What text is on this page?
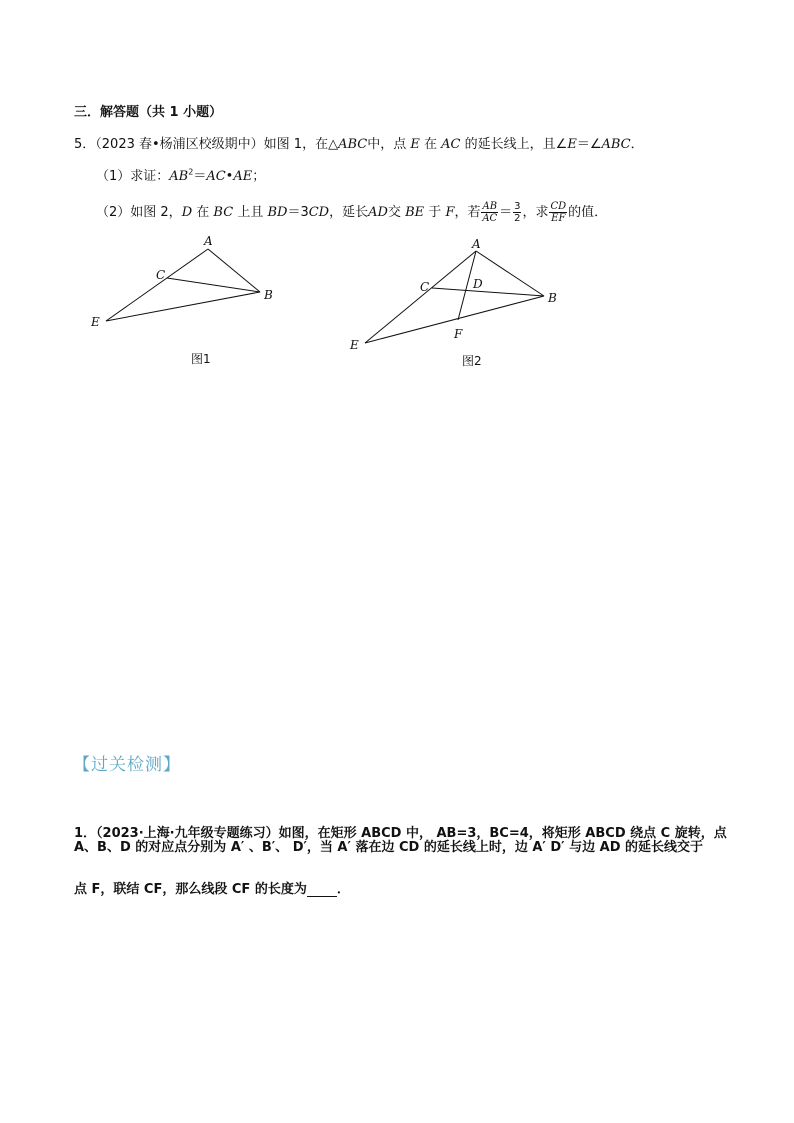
三．解答题（共 1 小题）
5．（2023 春•杨浦区校级期中）如图 1，在△ABC中，点 E 在 AC 的延长线上，且∠E＝∠ABC．
（1）求证：$AB^2=AC•AE$；
（2）如图 2，D 在 BC 上且 BD＝3CD，延长AD交 BE 于 F，若 $\frac{AB}{AC} = \frac{3}{2}$ ，求 $\frac{CD}{EF}$ 的值．
A
B
C
E
图1
A
B
C	D
E
F
图2
【过关检测】
1．（2023·上海·九年级专题练习）如图，在矩形 ABCD 中， AB=3，BC=4，将矩形 ABCD 绕点 C 旋转，点
A、B、D 的对应点分别为 A′ 、B′、 D′，当 A′ 落在边 CD 的延长线上时，边 A′ D′ 与边 AD 的延长线交于
点 F，联结 CF，那么线段 CF 的长度为 ．
